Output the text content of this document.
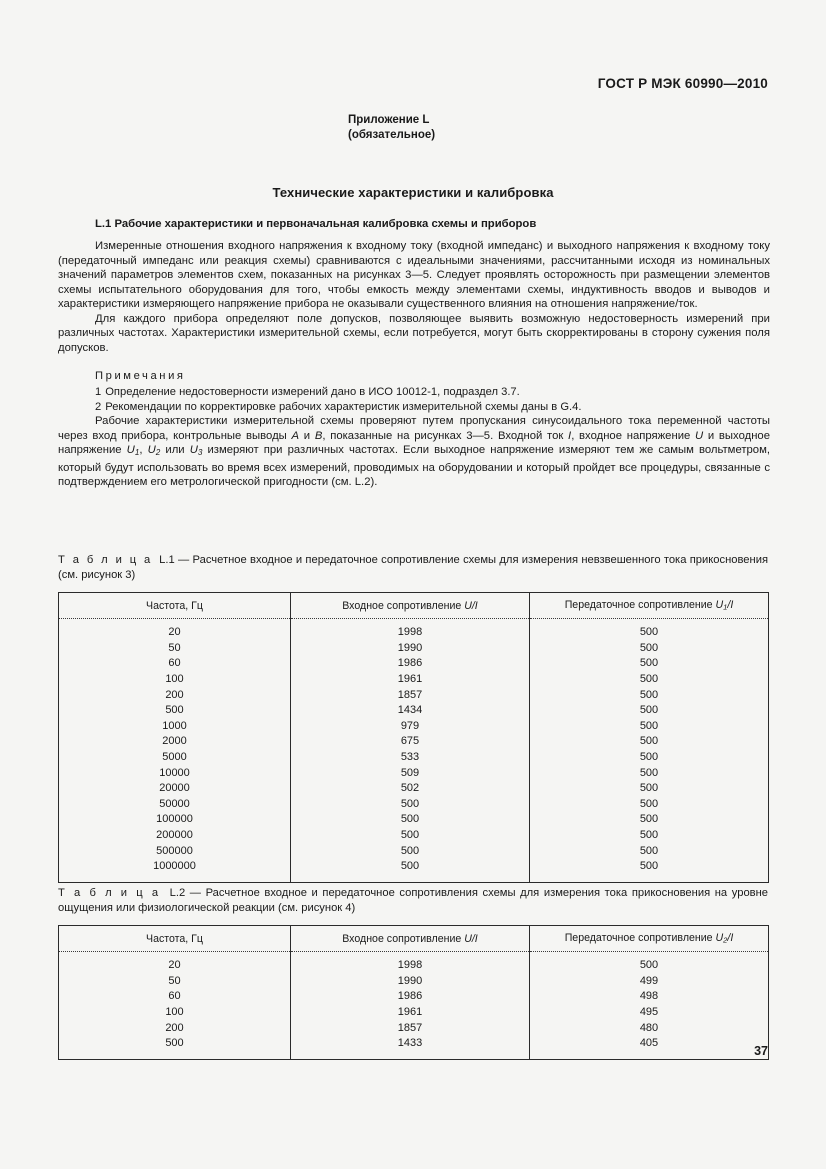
ГОСТ Р МЭК 60990—2010
Приложение L
(обязательное)
Технические характеристики и калибровка
L.1 Рабочие характеристики и первоначальная калибровка схемы и приборов

Измеренные отношения входного напряжения к входному току (входной импеданс) и выходного напряжения к входному току (передаточный импеданс или реакция схемы) сравниваются с идеальными значениями, рассчитанными исходя из номинальных значений параметров элементов схем, показанных на рисунках 3—5. Следует проявлять осторожность при размещении элементов схемы испытательного оборудования для того, чтобы емкость между элементами схемы, индуктивность вводов и выводов и характеристики измеряющего напряжение прибора не оказывали существенного влияния на отношения напряжение/ток.

Для каждого прибора определяют поле допусков, позволяющее выявить возможную недостоверность измерений при различных частотах. Характеристики измерительной схемы, если потребуется, могут быть скорректированы в сторону сужения поля допусков.

Примечания
1 Определение недостоверности измерений дано в ИСО 10012-1, подраздел 3.7.
2 Рекомендации по корректировке рабочих характеристик измерительной схемы даны в G.4.

Рабочие характеристики измерительной схемы проверяют путем пропускания синусоидального тока переменной частоты через вход прибора, контрольные выводы A и B, показанные на рисунках 3—5. Входной ток I, входное напряжение U и выходное напряжение $U_1$, $U_2$ или $U_3$ измеряют при различных частотах. Если выходное напряжение измеряют тем же самым вольтметром, который будут использовать во время всех измерений, проводимых на оборудовании и который пройдет все процедуры, связанные с подтверждением его метрологической пригодности (см. L.2).

Т а б л и ц а L.1 — Расчетное входное и передаточное сопротивление схемы для измерения невзвешенного тока прикосновения (см. рисунок 3)
Частота, Гц	Входное сопротивление U/I	Передаточное сопротивление $U_1/I$
20	1998	500
50	1990	500
60	1986	500
100	1961	500
200	1857	500
500	1434	500
1000	979	500
2000	675	500
5000	533	500
10000	509	500
20000	502	500
50000	500	500
100000	500	500
200000	500	500
500000	500	500
1000000	500	500
Т а б л и ц а L.2 — Расчетное входное и передаточное сопротивления схемы для измерения тока прикосновения на уровне ощущения или физиологической реакции (см. рисунок 4)
Частота, Гц	Входное сопротивление U/I	Передаточное сопротивление $U_2/I$
20	1998	500
50	1990	499
60	1986	498
100	1961	495
200	1857	480
500	1433	405
37
